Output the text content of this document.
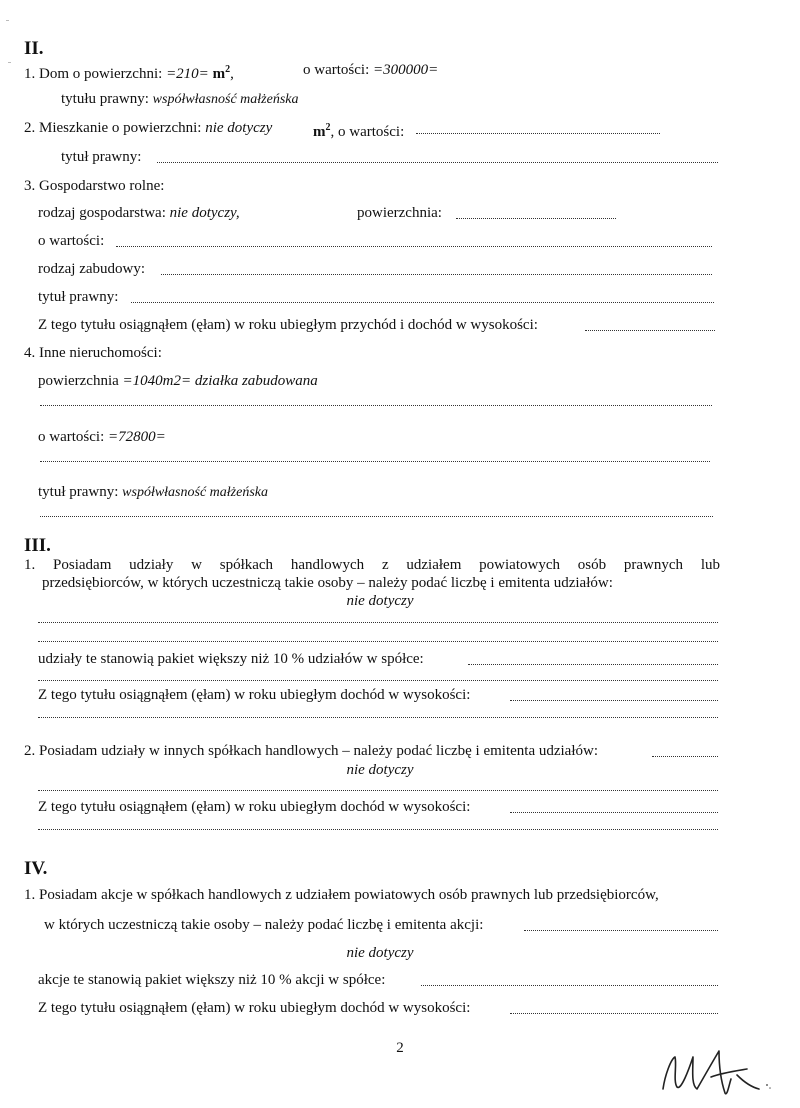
II.
1. Dom o powierzchni: $=210= m^2$,	o wartości: =300000=
tytułu prawny: współwłasność małżeńska
2. Mieszkanie o powierzchni: nie dotyczy	$m^2$, o wartości:
tytuł prawny:
3. Gospodarstwo rolne:
rodzaj gospodarstwa: nie dotyczy,	powierzchnia:
o wartości:
rodzaj zabudowy:
tytuł prawny:
Z tego tytułu osiągnąłem (ęłam) w roku ubiegłym przychód i dochód w wysokości:
4. Inne nieruchomości:
powierzchnia =1040m2= działka zabudowana
o wartości: =72800=
tytuł prawny: współwłasność małżeńska
III.
1. Posiadam udziały w spółkach handlowych z udziałem powiatowych osób prawnych lub
przedsiębiorców, w których uczestniczą takie osoby – należy podać liczbę i emitenta udziałów:
nie dotyczy
udziały te stanowią pakiet większy niż 10 % udziałów w spółce:
Z tego tytułu osiągnąłem (ęłam) w roku ubiegłym dochód w wysokości:
2. Posiadam udziały w innych spółkach handlowych – należy podać liczbę i emitenta udziałów:
nie dotyczy
Z tego tytułu osiągnąłem (ęłam) w roku ubiegłym dochód w wysokości:
IV.
1. Posiadam akcje w spółkach handlowych z udziałem powiatowych osób prawnych lub przedsiębiorców,
w których uczestniczą takie osoby – należy podać liczbę i emitenta akcji:
nie dotyczy
akcje te stanowią pakiet większy niż 10 % akcji w spółce:
Z tego tytułu osiągnąłem (ęłam) w roku ubiegłym dochód w wysokości:
2
